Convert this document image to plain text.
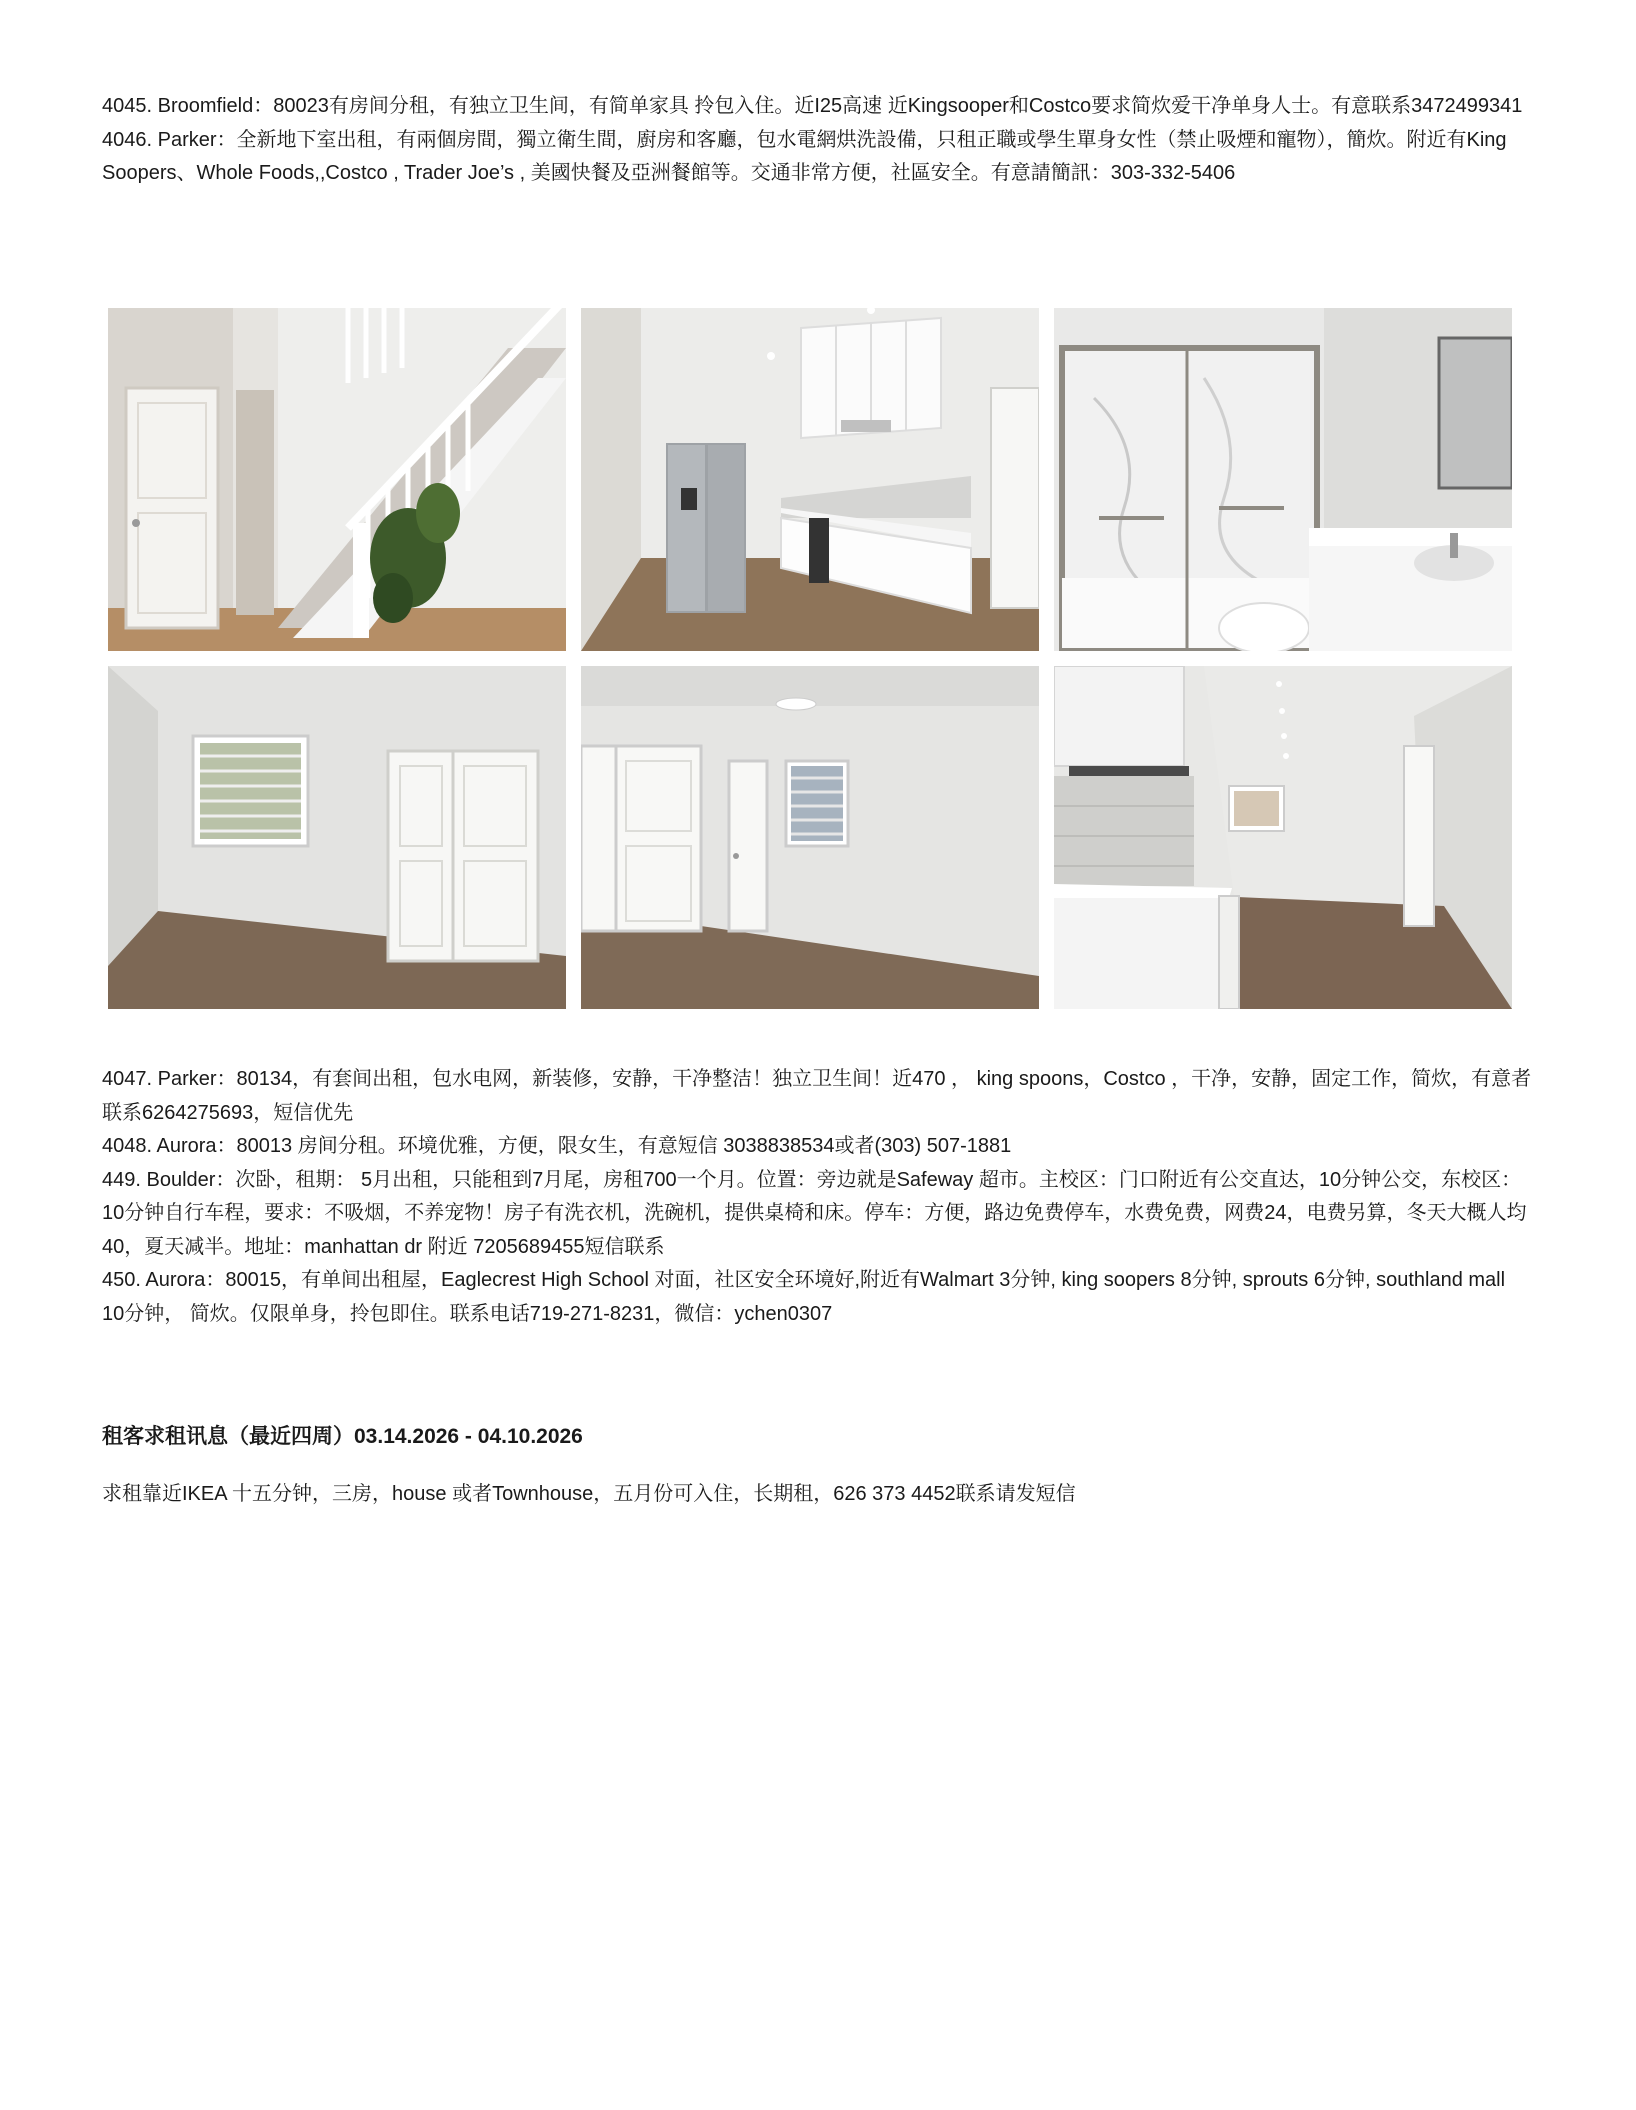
4045. Broomfield：80023有房间分租，有独立卫生间，有简单家具 拎包入住。近I25高速 近Kingsooper和Costco要求简炊爱干净单身人士。有意联系3472499341

4046. Parker：全新地下室出租，有兩個房間，獨立衛生間，廚房和客廳，包水電網烘洗設備，只租正職或學生單身女性（禁止吸煙和寵物），簡炊。附近有King Soopers、Whole Foods,,Costco , Trader Joe’s , 美國快餐及亞洲餐館等。交通非常方便，社區安全。有意請簡訊：303-332-5406

4047. Parker：80134，有套间出租，包水电网，新装修，安静，干净整洁！独立卫生间！近470 ， king spoons，Costco ，干净，安静，固定工作，简炊，有意者联系6264275693，短信优先

4048. Aurora：80013 房间分租。环境优雅，方便，限女生，有意短信 3038838534或者(303) 507-1881

449. Boulder：次卧，租期： 5月出租，只能租到7月尾，房租700一个月。位置：旁边就是Safeway 超市。主校区：门口附近有公交直达，10分钟公交，东校区：10分钟自行车程，要求：不吸烟，不养宠物！房子有洗衣机，洗碗机，提供桌椅和床。停车：方便，路边免费停车，水费免费，网费24，电费另算，冬天大概人均40，夏天减半。地址：manhattan dr 附近 7205689455短信联系

450. Aurora：80015，有单间出租屋，Eaglecrest High School 对面，社区安全环境好,附近有Walmart 3分钟, king soopers 8分钟, sprouts 6分钟, southland mall 10分钟， 简炊。仅限单身，拎包即住。联系电话719-271-8231，微信：ychen0307

租客求租讯息（最近四周）03.14.2026 - 04.10.2026

求租靠近IKEA 十五分钟，三房，house 或者Townhouse，五月份可入住，长期租，626 373 4452联系请发短信
